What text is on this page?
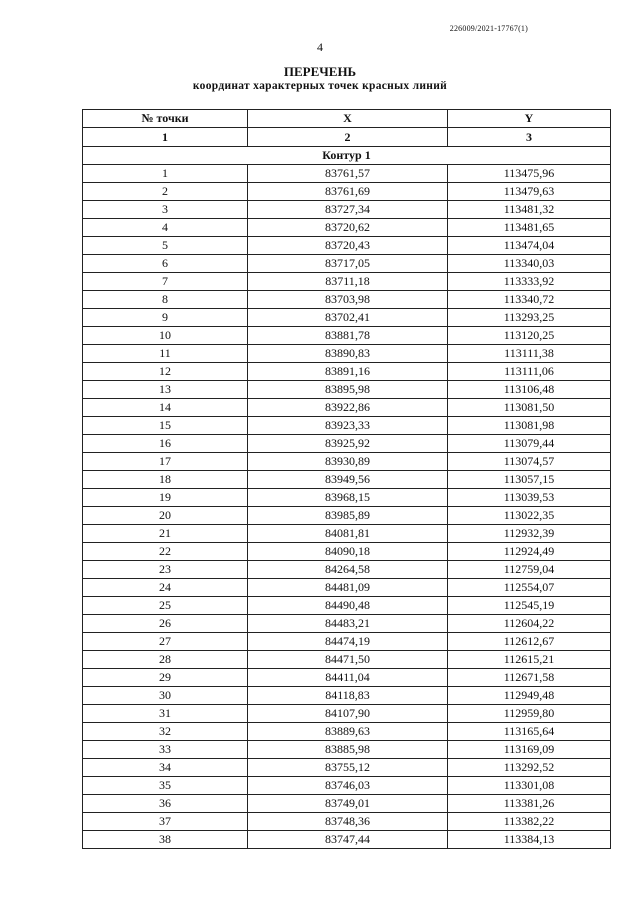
226009/2021-17767(1)
4
ПЕРЕЧЕНЬ
координат характерных точек красных линий
№ точки	X	Y
1	2	3
Контур 1		
1	83761,57	113475,96
2	83761,69	113479,63
3	83727,34	113481,32
4	83720,62	113481,65
5	83720,43	113474,04
6	83717,05	113340,03
7	83711,18	113333,92
8	83703,98	113340,72
9	83702,41	113293,25
10	83881,78	113120,25
11	83890,83	113111,38
12	83891,16	113111,06
13	83895,98	113106,48
14	83922,86	113081,50
15	83923,33	113081,98
16	83925,92	113079,44
17	83930,89	113074,57
18	83949,56	113057,15
19	83968,15	113039,53
20	83985,89	113022,35
21	84081,81	112932,39
22	84090,18	112924,49
23	84264,58	112759,04
24	84481,09	112554,07
25	84490,48	112545,19
26	84483,21	112604,22
27	84474,19	112612,67
28	84471,50	112615,21
29	84411,04	112671,58
30	84118,83	112949,48
31	84107,90	112959,80
32	83889,63	113165,64
33	83885,98	113169,09
34	83755,12	113292,52
35	83746,03	113301,08
36	83749,01	113381,26
37	83748,36	113382,22
38	83747,44	113384,13
